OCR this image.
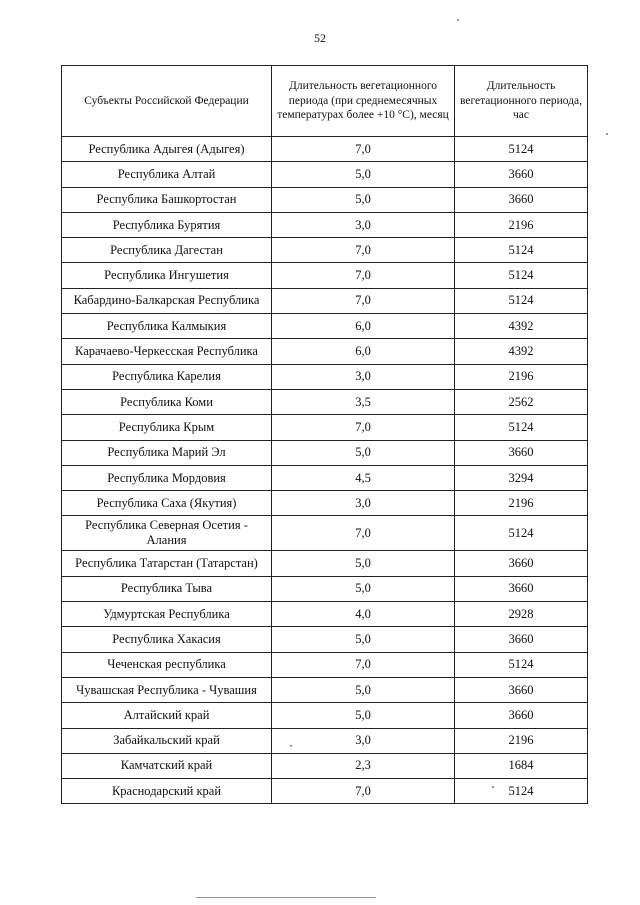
52
Субъекты Российской Федерации	Длительность вегетационного периода (при среднемесячных температурах более +10 °С), месяц	Длительность вегетационного периода, час
Республика Адыгея (Адыгея)	7,0	5124
Республика Алтай	5,0	3660
Республика Башкортостан	5,0	3660
Республика Бурятия	3,0	2196
Республика Дагестан	7,0	5124
Республика Ингушетия	7,0	5124
Кабардино-Балкарская Республика	7,0	5124
Республика Калмыкия	6,0	4392
Карачаево-Черкесская Республика	6,0	4392
Республика Карелия	3,0	2196
Республика Коми	3,5	2562
Республика Крым	7,0	5124
Республика Марий Эл	5,0	3660
Республика Мордовия	4,5	3294
Республика Саха (Якутия)	3,0	2196
Республика Северная Осетия - Алания	7,0	5124
Республика Татарстан (Татарстан)	5,0	3660
Республика Тыва	5,0	3660
Удмуртская Республика	4,0	2928
Республика Хакасия	5,0	3660
Чеченская республика	7,0	5124
Чувашская Республика - Чувашия	5,0	3660
Алтайский край	5,0	3660
Забайкальский край	3,0	2196
Камчатский край	2,3	1684
Краснодарский край	7,0	5124
